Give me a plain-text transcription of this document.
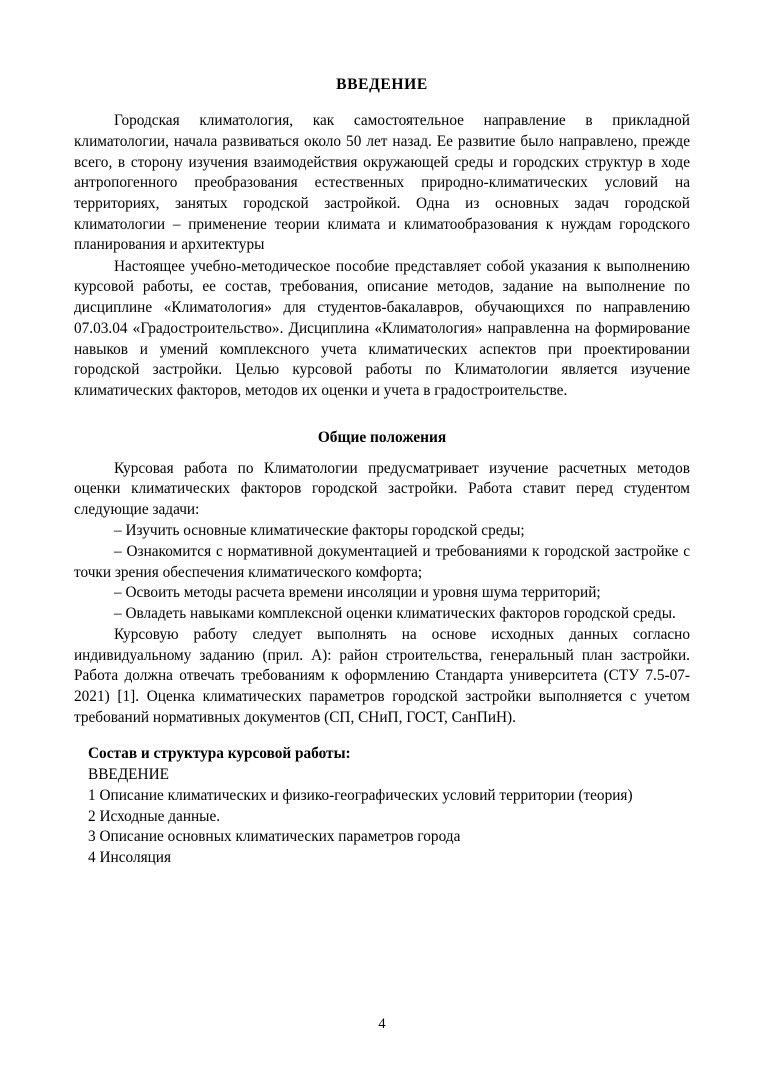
ВВЕДЕНИЕ

Городская климатология, как самостоятельное направление в прикладной климатологии, начала развиваться около 50 лет назад. Ее развитие было направлено, прежде всего, в сторону изучения взаимодействия окружающей среды и городских структур в ходе антропогенного преобразования естественных природно-климатических условий на территориях, занятых городской застройкой. Одна из основных задач городской климатологии – применение теории климата и климатообразования к нуждам городского планирования и архитектуры

Настоящее учебно-методическое пособие представляет собой указания к выполнению курсовой работы, ее состав, требования, описание методов, задание на выполнение по дисциплине «Климатология» для студентов-бакалавров, обучающихся по направлению 07.03.04 «Градостроительство». Дисциплина «Климатология» направленна на формирование навыков и умений комплексного учета климатических аспектов при проектировании городской застройки. Целью курсовой работы по Климатологии является изучение климатических факторов, методов их оценки и учета в градостроительстве.

Общие положения

Курсовая работа по Климатологии предусматривает изучение расчетных методов оценки климатических факторов городской застройки. Работа ставит перед студентом следующие задачи:

– Изучить основные климатические факторы городской среды;

– Ознакомится с нормативной документацией и требованиями к городской застройке с точки зрения обеспечения климатического комфорта;

– Освоить методы расчета времени инсоляции и уровня шума территорий;

– Овладеть навыками комплексной оценки климатических факторов городской среды.

Курсовую работу следует выполнять на основе исходных данных согласно индивидуальному заданию (прил. А): район строительства, генеральный план застройки. Работа должна отвечать требованиям к оформлению Стандарта университета (СТУ 7.5-07-2021) [1]. Оценка климатических параметров городской застройки выполняется с учетом требований нормативных документов (СП, СНиП, ГОСТ, СанПиН).

Состав и структура курсовой работы:

ВВЕДЕНИЕ

1 Описание климатических и физико-географических условий территории (теория)

2 Исходные данные.

3 Описание основных климатических параметров города

4 Инсоляция

4
